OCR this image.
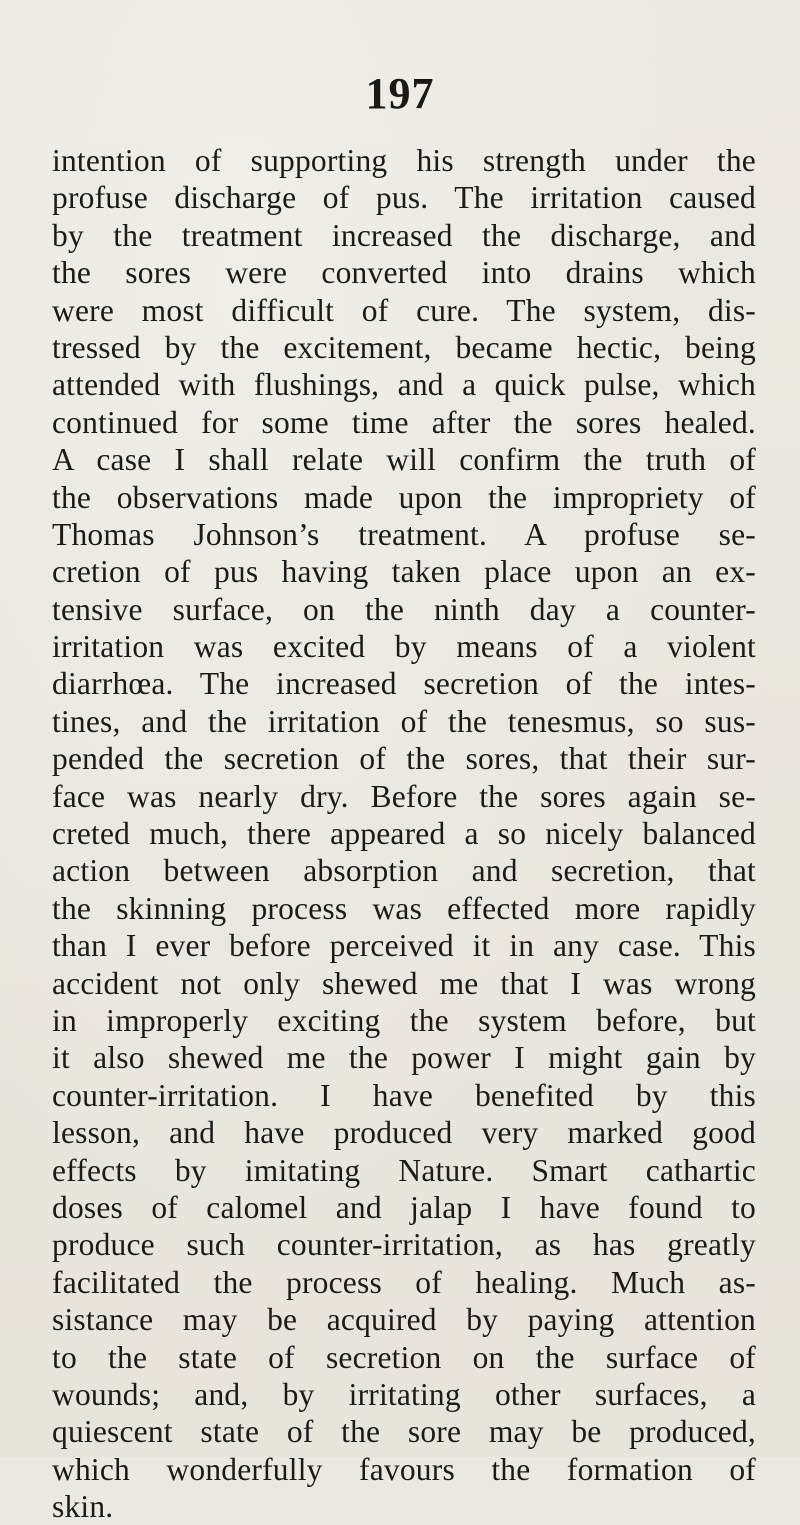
197
intention of supporting his strength under the
profuse discharge of pus. The irritation caused
by the treatment increased the discharge, and
the sores were converted into drains which
were most difficult of cure. The system, dis-
tressed by the excitement, became hectic, being
attended with flushings, and a quick pulse, which
continued for some time after the sores healed.
A case I shall relate will confirm the truth of
the observations made upon the impropriety of
Thomas Johnson’s treatment. A profuse se-
cretion of pus having taken place upon an ex-
tensive surface, on the ninth day a counter-
irritation was excited by means of a violent
diarrhœa. The increased secretion of the intes-
tines, and the irritation of the tenesmus, so sus-
pended the secretion of the sores, that their sur-
face was nearly dry. Before the sores again se-
creted much, there appeared a so nicely balanced
action between absorption and secretion, that
the skinning process was effected more rapidly
than I ever before perceived it in any case. This
accident not only shewed me that I was wrong
in improperly exciting the system before, but
it also shewed me the power I might gain by
counter-irritation. I have benefited by this
lesson, and have produced very marked good
effects by imitating Nature. Smart cathartic
doses of calomel and jalap I have found to
produce such counter-irritation, as has greatly
facilitated the process of healing. Much as-
sistance may be acquired by paying attention
to the state of secretion on the surface of
wounds; and, by irritating other surfaces, a
quiescent state of the sore may be produced,
which wonderfully favours the formation of
skin.
